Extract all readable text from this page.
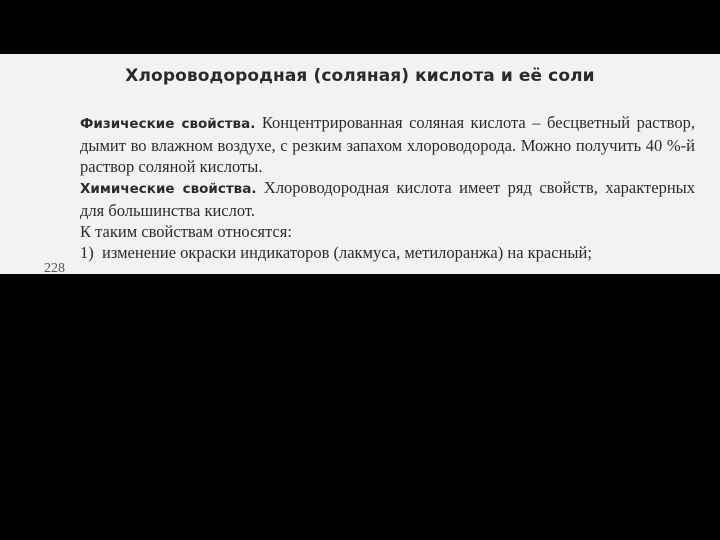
Хлороводородная (соляная) кислота и её соли

Физические свойства. Концентрированная соляная кислота – бесцветный раствор, дымит во влажном воздухе, с резким запахом хлороводорода. Можно получить 40 %-й раствор соляной кислоты.

Химические свойства. Хлороводородная кислота имеет ряд свойств, характерных для большинства кислот.

К таким свойствам относятся:

1) изменение окраски индикаторов (лакмуса, метилоранжа) на красный;

228
